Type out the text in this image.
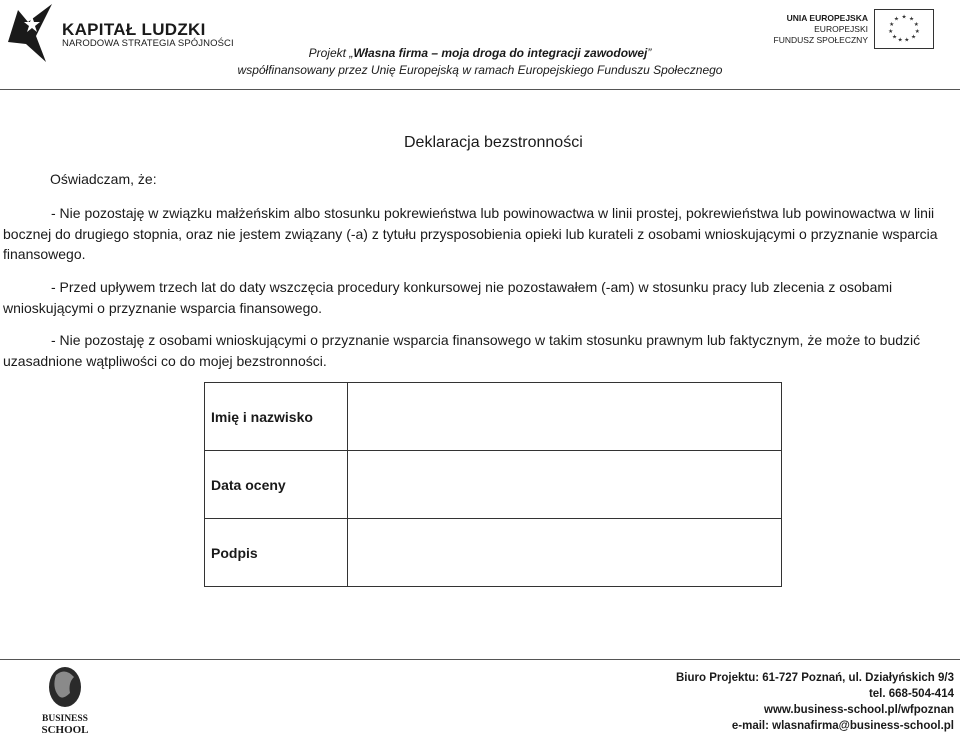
KAPITAŁ LUDZKI
NARODOWA STRATEGIA SPÓJNOŚCI
UNIA EUROPEJSKA
EUROPEJSKI
FUNDUSZ SPOŁECZNY
★ ★
★
★
★
★
★
★
★
★
★
Projekt „Własna firma – moja droga do integracji zawodowej”
współfinansowany przez Unię Europejską w ramach Europejskiego Funduszu Społecznego
Deklaracja bezstronności
Oświadczam, że:
- Nie pozostaję w związku małżeńskim albo stosunku pokrewieństwa lub powinowactwa w linii prostej, pokrewieństwa lub powinowactwa w linii bocznej do drugiego stopnia, oraz nie jestem związany (-a) z tytułu przysposobienia opieki lub kurateli z osobami wnioskującymi o przyznanie wsparcia finansowego.
- Przed upływem trzech lat do daty wszczęcia procedury konkursowej nie pozostawałem (-am) w stosunku pracy lub zlecenia z osobami wnioskującymi o przyznanie wsparcia finansowego.
- Nie pozostaję z osobami wnioskującymi o przyznanie wsparcia finansowego w takim stosunku prawnym lub faktycznym, że może to budzić uzasadnione wątpliwości co do mojej bezstronności.
Imię i nazwisko	
Data oceny	
Podpis	
BUSINESS
SCHOOL
Biuro Projektu: 61-727 Poznań, ul. Działyńskich 9/3
tel. 668-504-414
www.business-school.pl/wfpoznan
e-mail: wlasnafirma@business-school.pl
